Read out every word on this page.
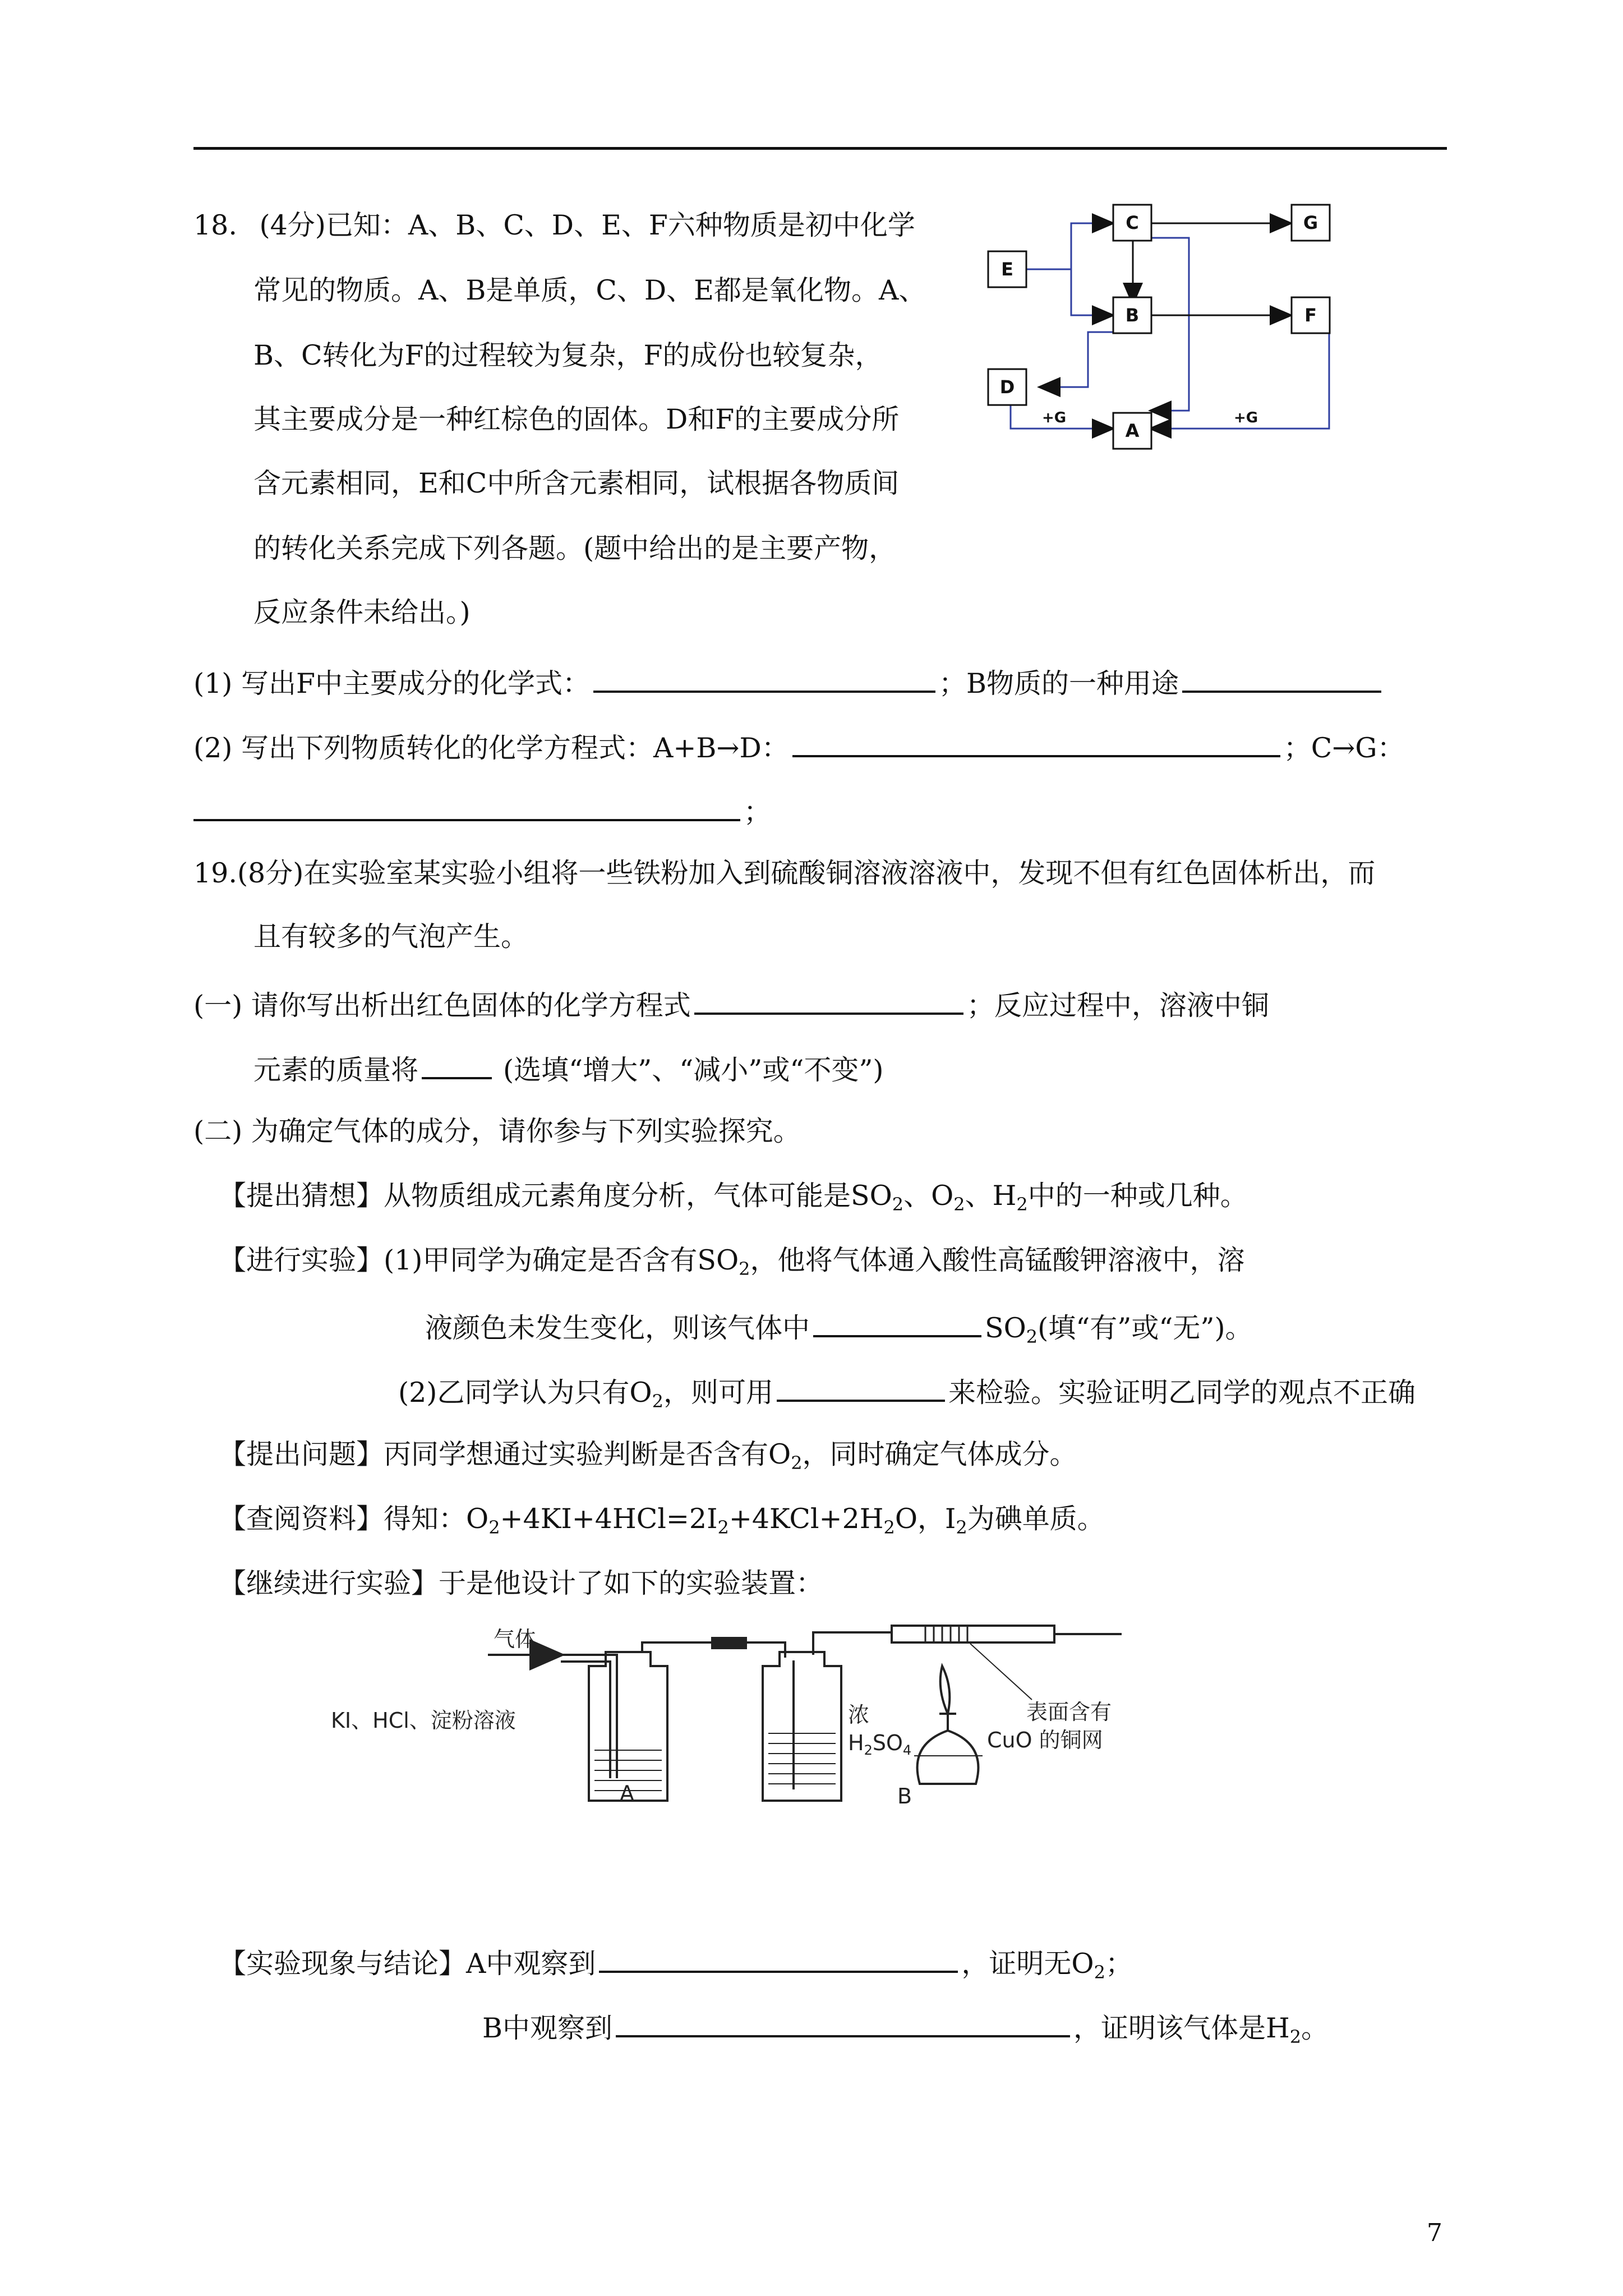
18. (4分)已知：A、B、C、D、E、F六种物质是初中化学
常见的物质。A、B是单质，C、D、E都是氧化物。A、
B、C转化为F的过程较为复杂，F的成份也较复杂，
其主要成分是一种红棕色的固体。D和F的主要成分所
含元素相同，E和C中所含元素相同，试根据各物质间
的转化关系完成下列各题。(题中给出的是主要产物，
反应条件未给出。)
C	G
E
B	F
D
A
+G	+G
(1) 写出F中主要成分的化学式：	；B物质的一种用途
(2) 写出下列物质转化的化学方程式：A+B→D：	；C→G：
；
19.(8分)在实验室某实验小组将一些铁粉加入到硫酸铜溶液溶液中，发现不但有红色固体析出，而
且有较多的气泡产生。
(一) 请你写出析出红色固体的化学方程式	；反应过程中，溶液中铜
元素的质量将	(选填“增大”、“减小”或“不变”)
(二) 为确定气体的成分，请你参与下列实验探究。
【提出猜想】从物质组成元素角度分析，气体可能是$SO_2$、$O_2$、$H_2$中的一种或几种。
【进行实验】(1)甲同学为确定是否含有$SO_2$，他将气体通入酸性高锰酸钾溶液中，溶
液颜色未发生变化，则该气体中	$SO_2$(填“有”或“无”)。
(2)乙同学认为只有$O_2$，则可用	来检验。实验证明乙同学的观点不正确
【提出问题】丙同学想通过实验判断是否含有$O_2$，同时确定气体成分。
【查阅资料】得知：$O_2+4KI+4HCl=2I_2+4KCl+2H_2O$，$I_2$为碘单质。
【继续进行实验】于是他设计了如下的实验装置：
气体
KI、HCl、淀粉溶液
A
浓
$H_2SO_4$
B
表面含有
CuO 的铜网
【实验现象与结论】A中观察到	，证明无$O_2$；
B中观察到	，证明该气体是$H_2$。
7
